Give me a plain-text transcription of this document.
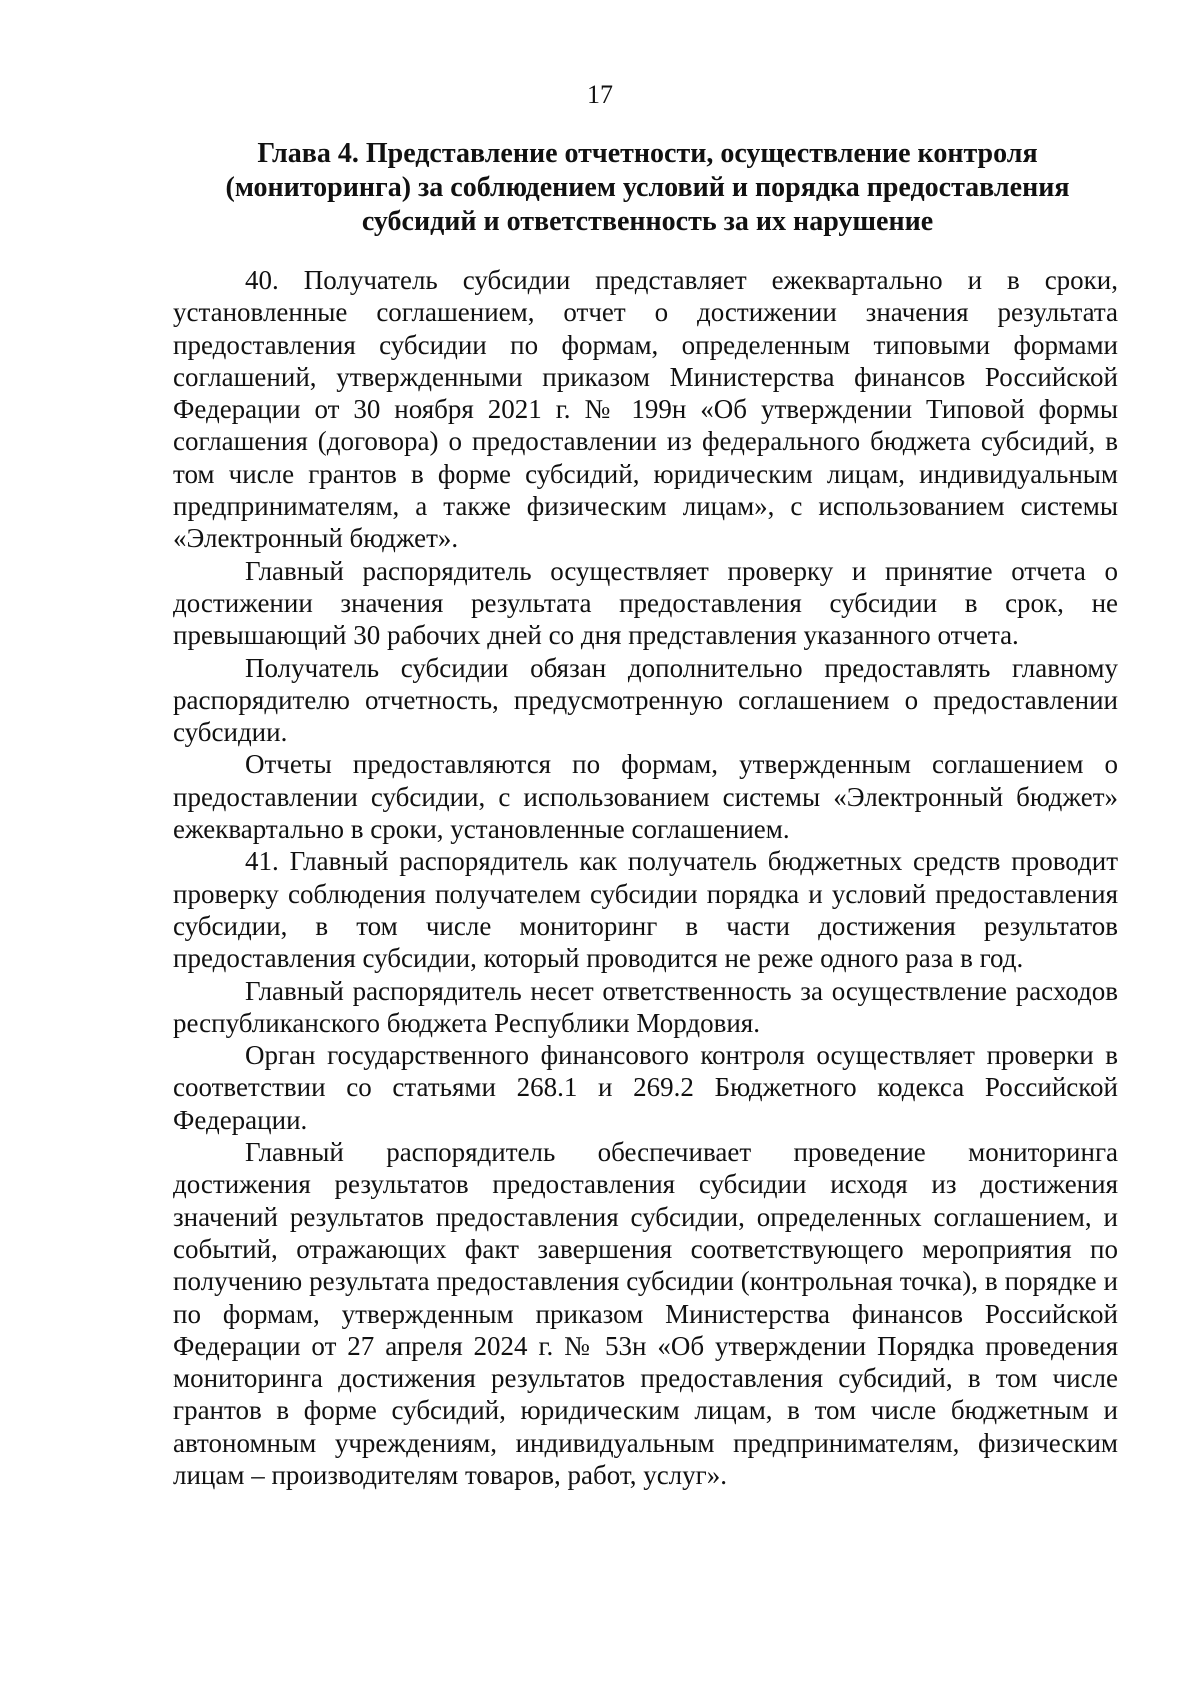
17
Глава 4. Представление отчетности, осуществление контроля
(мониторинга) за соблюдением условий и порядка предоставления
субсидий и ответственность за их нарушение

40. Получатель субсидии представляет ежеквартально и в сроки, установленные соглашением, отчет о достижении значения результата предоставления субсидии по формам, определенным типовыми формами соглашений, утвержденными приказом Министерства финансов Российской Федерации от 30 ноября 2021 г. № 199н «Об утверждении Типовой формы соглашения (договора) о предоставлении из федерального бюджета субсидий, в том числе грантов в форме субсидий, юридическим лицам, индивидуальным предпринимателям, а также физическим лицам», с использованием системы «Электронный бюджет».

Главный распорядитель осуществляет проверку и принятие отчета о достижении значения результата предоставления субсидии в срок, не превышающий 30 рабочих дней со дня представления указанного отчета.

Получатель субсидии обязан дополнительно предоставлять главному распорядителю отчетность, предусмотренную соглашением о предоставлении субсидии.

Отчеты предоставляются по формам, утвержденным соглашением о предоставлении субсидии, с использованием системы «Электронный бюджет» ежеквартально в сроки, установленные соглашением.

41. Главный распорядитель как получатель бюджетных средств проводит проверку соблюдения получателем субсидии порядка и условий предоставления субсидии, в том числе мониторинг в части достижения результатов предоставления субсидии, который проводится не реже одного раза в год.

Главный распорядитель несет ответственность за осуществление расходов республиканского бюджета Республики Мордовия.

Орган государственного финансового контроля осуществляет проверки в соответствии со статьями 268.1 и 269.2 Бюджетного кодекса Российской Федерации.

Главный распорядитель обеспечивает проведение мониторинга достижения результатов предоставления субсидии исходя из достижения значений результатов предоставления субсидии, определенных соглашением, и событий, отражающих факт завершения соответствующего мероприятия по получению результата предоставления субсидии (контрольная точка), в порядке и по формам, утвержденным приказом Министерства финансов Российской Федерации от 27 апреля 2024 г. № 53н «Об утверждении Порядка проведения мониторинга достижения результатов предоставления субсидий, в том числе грантов в форме субсидий, юридическим лицам, в том числе бюджетным и автономным учреждениям, индивидуальным предпринимателям, физическим лицам – производителям товаров, работ, услуг».
